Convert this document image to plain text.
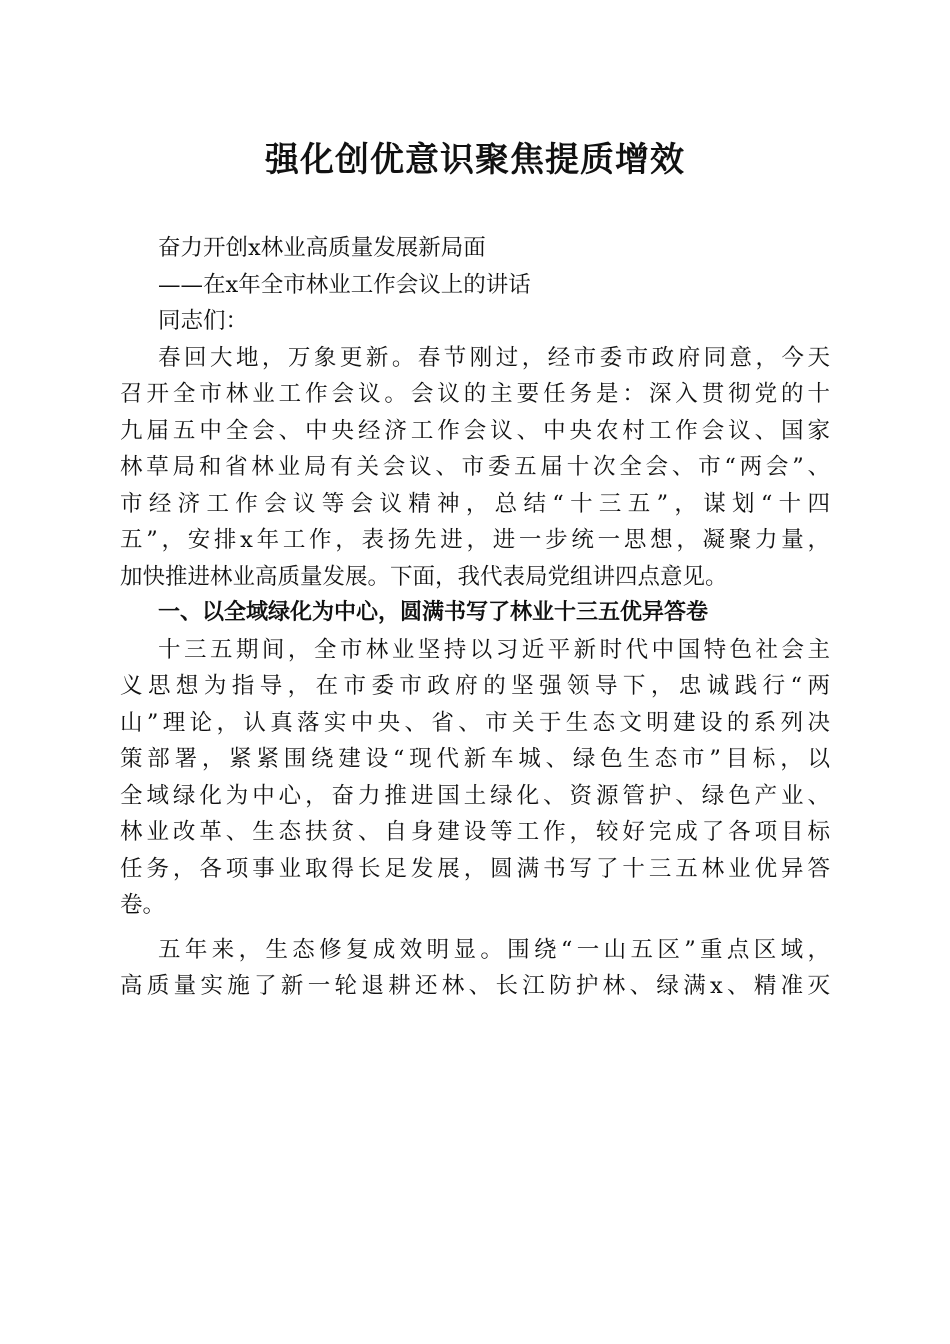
强化创优意识聚焦提质增效

奋力开创x林业高质量发展新局面

——在x年全市林业工作会议上的讲话

同志们：

春回大地，万象更新。春节刚过，经市委市政府同意，今天

召开全市林业工作会议。会议的主要任务是：深入贯彻党的十

九届五中全会、中央经济工作会议、中央农村工作会议、国家

林草局和省林业局有关会议、市委五届十次全会、市“两会”、

市经济工作会议等会议精神，总结“十三五”，谋划“十四

五”，安排x年工作，表扬先进，进一步统一思想，凝聚力量，

加快推进林业高质量发展。下面，我代表局党组讲四点意见。

一、以全域绿化为中心，圆满书写了林业十三五优异答卷

十三五期间，全市林业坚持以习近平新时代中国特色社会主

义思想为指导，在市委市政府的坚强领导下，忠诚践行“两

山”理论，认真落实中央、省、市关于生态文明建设的系列决

策部署，紧紧围绕建设“现代新车城、绿色生态市”目标，以

全域绿化为中心，奋力推进国土绿化、资源管护、绿色产业、

林业改革、生态扶贫、自身建设等工作，较好完成了各项目标

任务，各项事业取得长足发展，圆满书写了十三五林业优异答

卷。

五年来，生态修复成效明显。围绕“一山五区”重点区域，

高质量实施了新一轮退耕还林、长江防护林、绿满x、精准灭
